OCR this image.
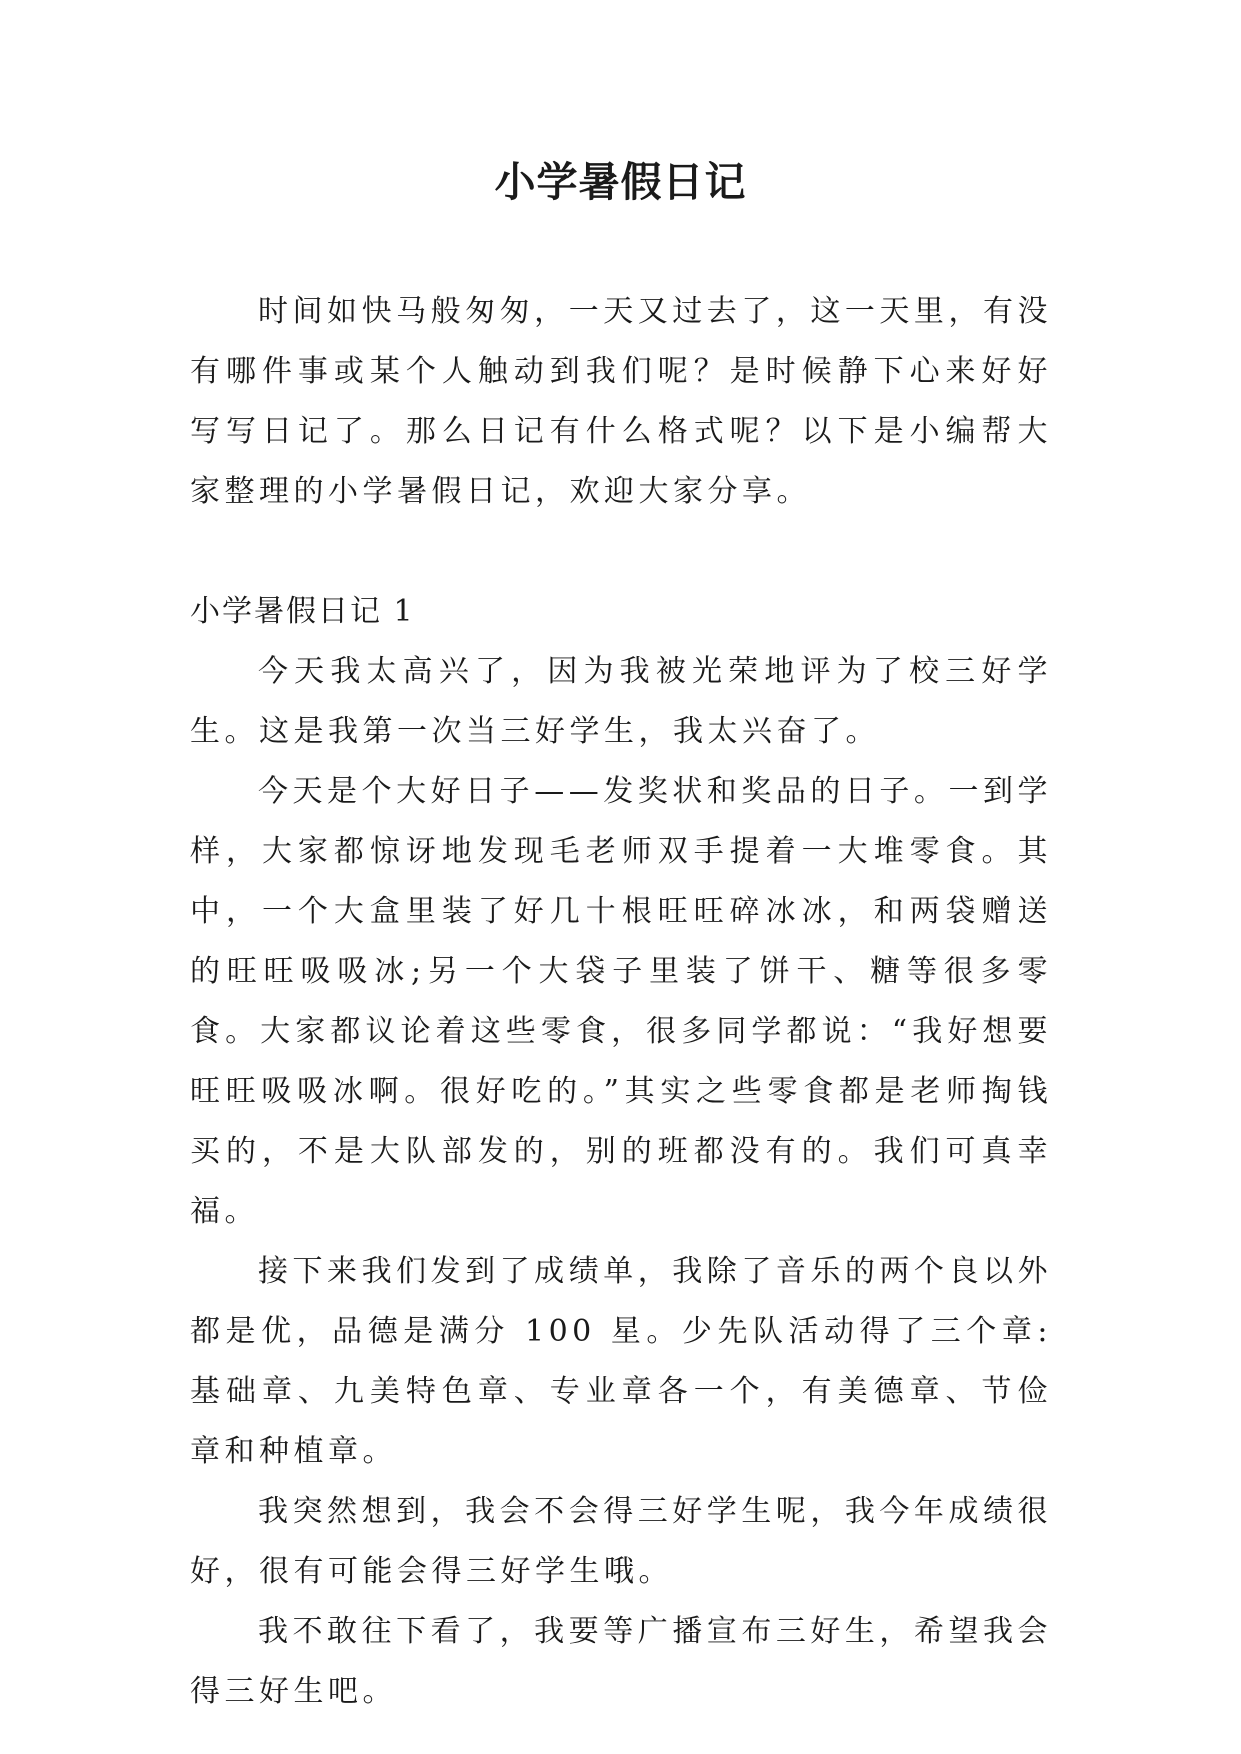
小学暑假日记

时间如快马般匆匆，一天又过去了，这一天里，有没有哪件事或某个人触动到我们呢？是时候静下心来好好写写日记了。那么日记有什么格式呢？以下是小编帮大家整理的小学暑假日记，欢迎大家分享。

小学暑假日记 1

今天我太高兴了，因为我被光荣地评为了校三好学生。这是我第一次当三好学生，我太兴奋了。

今天是个大好日子——发奖状和奖品的日子。一到学样，大家都惊讶地发现毛老师双手提着一大堆零食。其中，一个大盒里装了好几十根旺旺碎冰冰，和两袋赠送的旺旺吸吸冰;另一个大袋子里装了饼干、糖等很多零食。大家都议论着这些零食，很多同学都说：“我好想要旺旺吸吸冰啊。很好吃的。”其实之些零食都是老师掏钱买的，不是大队部发的，别的班都没有的。我们可真幸福。

接下来我们发到了成绩单，我除了音乐的两个良以外都是优，品德是满分 100 星。少先队活动得了三个章: 基础章、九美特色章、专业章各一个，有美德章、节俭章和种植章。

我突然想到，我会不会得三好学生呢，我今年成绩很好，很有可能会得三好学生哦。

我不敢往下看了，我要等广播宣布三好生，希望我会得三好生吧。
